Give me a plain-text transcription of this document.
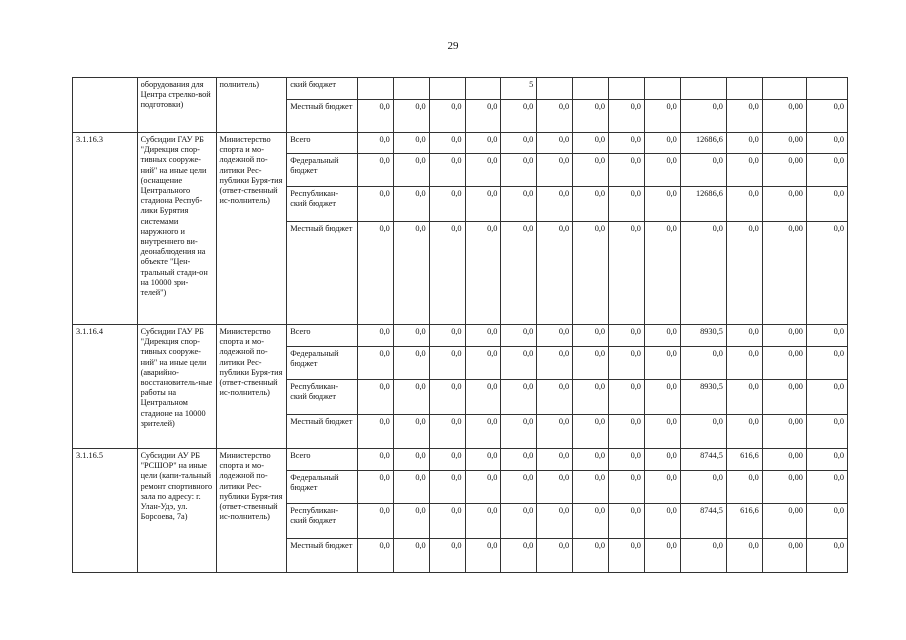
29
	оборудования для Центра стрелко-вой подготовки)	полнитель)	ский бюджет					5								
			Местный бюджет	0,0	0,0	0,0	0,0	0,0	0,0	0,0	0,0	0,0	0,0	0,0	0,00	0,0
3.1.16.3	Субсидии ГАУ РБ "Дирекция спор-тивных сооруже-ний" на иные цели (оснащение Центрального стадиона Респуб-лики Бурятия системами наружного и внутреннего ви-деонаблюдения на объекте "Цен-тральный стади-он на 10000 зри-телей")	Министерство спорта и мо-лодежной по-литики Рес-публики Буря-тия (ответ-ственный ис-полнитель)	Всего	0,0	0,0	0,0	0,0	0,0	0,0	0,0	0,0	0,0	12686,6	0,0	0,00	0,0
			Федеральный бюджет	0,0	0,0	0,0	0,0	0,0	0,0	0,0	0,0	0,0	0,0	0,0	0,00	0,0
			Республикан-ский бюджет	0,0	0,0	0,0	0,0	0,0	0,0	0,0	0,0	0,0	12686,6	0,0	0,00	0,0
			Местный бюджет	0,0	0,0	0,0	0,0	0,0	0,0	0,0	0,0	0,0	0,0	0,0	0,00	0,0
3.1.16.4	Субсидии ГАУ РБ "Дирекция спор-тивных сооруже-ний" на иные цели (аварийно-восстановитель-ные работы на Центральном стадионе на 10000 зрителей)	Министерство спорта и мо-лодежной по-литики Рес-публики Буря-тия (ответ-ственный ис-полнитель)	Всего	0,0	0,0	0,0	0,0	0,0	0,0	0,0	0,0	0,0	8930,5	0,0	0,00	0,0
			Федеральный бюджет	0,0	0,0	0,0	0,0	0,0	0,0	0,0	0,0	0,0	0,0	0,0	0,00	0,0
			Республикан-ский бюджет	0,0	0,0	0,0	0,0	0,0	0,0	0,0	0,0	0,0	8930,5	0,0	0,00	0,0
			Местный бюджет	0,0	0,0	0,0	0,0	0,0	0,0	0,0	0,0	0,0	0,0	0,0	0,00	0,0
3.1.16.5	Субсидии АУ РБ "РСШОР" на иные цели (капи-тальный ремонт спортивного зала по адресу: г. Улан-Удэ, ул. Борсоева, 7а)	Министерство спорта и мо-лодежной по-литики Рес-публики Буря-тия (ответ-ственный ис-полнитель)	Всего	0,0	0,0	0,0	0,0	0,0	0,0	0,0	0,0	0,0	8744,5	616,6	0,00	0,0
			Федеральный бюджет	0,0	0,0	0,0	0,0	0,0	0,0	0,0	0,0	0,0	0,0	0,0	0,00	0,0
			Республикан-ский бюджет	0,0	0,0	0,0	0,0	0,0	0,0	0,0	0,0	0,0	8744,5	616,6	0,00	0,0
			Местный бюджет	0,0	0,0	0,0	0,0	0,0	0,0	0,0	0,0	0,0	0,0	0,0	0,00	0,0
